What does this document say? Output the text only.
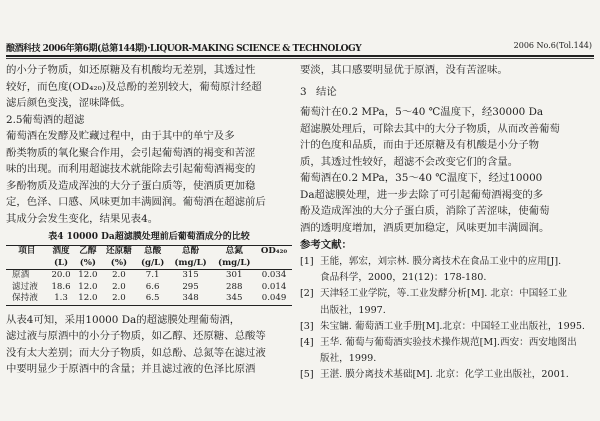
酿酒科技 2006年第6期(总第144期)·LIQUOR-MAKING SCIENCE & TECHNOLOGY	2006 No.6(Tol.144)
的小分子物质，如还原糖及有机酸均无差别，其透过性
较好，而色度(OD₄₂₀)及总酚的差别较大，葡萄原汁经超
滤后颜色变浅，涩味降低。
2.5葡萄酒的超滤
葡萄酒在发酵及贮藏过程中，由于其中的单宁及多
酚类物质的氧化聚合作用，会引起葡萄酒的褐变和苦涩
味的出现。而利用超滤技术就能除去引起葡萄酒褐变的
多酚物质及造成浑浊的大分子蛋白质等，使酒质更加稳
定，色泽、口感、风味更加丰满圆润。葡萄酒在超滤前后
其成分会发生变化，结果见表4。
表4 10000 Da超滤膜处理前后葡萄酒成分的比较
项目	酒度	乙醇	还原糖	总酸	总酚	总氮	OD₄₂₀
	(L)	(%)	(%)	(g/L)	(mg/L)	(mg/L)	
原酒	20.0	12.0	2.0	7.1	315	301	0.034
滤过液	18.6	12.0	2.0	6.6	295	288	0.014
保持液	1.3	12.0	2.0	6.5	348	345	0.049
从表4可知，采用10000 Da的超滤膜处理葡萄酒，
滤过液与原酒中的小分子物质，如乙醇、还原糖、总酸等
没有太大差别；而大分子物质，如总酚、总氮等在滤过液
中要明显少于原酒中的含量；并且滤过液的色泽比原酒
要淡，其口感要明显优于原酒，没有苦涩味。
3 结论
葡萄汁在0.2 MPa，5～40 ℃温度下，经30000 Da
超滤膜处理后，可除去其中的大分子物质，从而改善葡萄
汁的色度和品质，而由于还原糖及有机酸是小分子物
质，其透过性较好，超滤不会改变它们的含量。
葡萄酒在0.2 MPa，35～40 ℃温度下，经过10000
Da超滤膜处理，进一步去除了可引起葡萄酒褐变的多
酚及造成浑浊的大分子蛋白质，消除了苦涩味，使葡萄
酒的透明度增加，酒质更加稳定，风味更加丰满圆润。
参考文献：
[1] 王能，郭宏，刘宗林. 膜分离技术在食品工业中的应用[J].
食品科学，2000，21(12)：178-180.
[2] 天津轻工业学院，等.工业发酵分析[M]. 北京：中国轻工业
出版社，1997.
[3] 朱宝镛. 葡萄酒工业手册[M].北京：中国轻工业出版社，1995.
[4] 王华. 葡萄与葡萄酒实验技术操作规范[M].西安：西安地图出
版社，1999.
[5] 王湛. 膜分离技术基础[M]. 北京：化学工业出版社，2001.
